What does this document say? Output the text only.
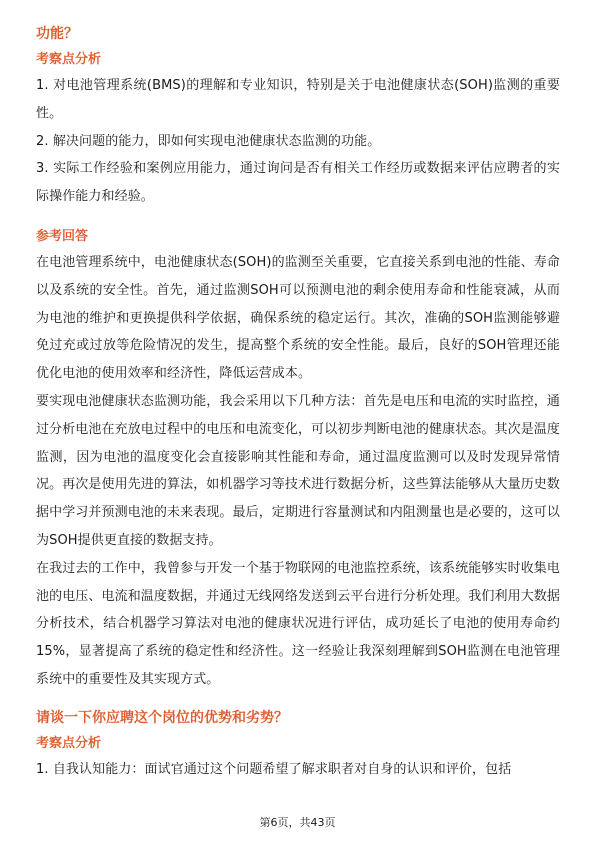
功能？

考察点分析

1. 对电池管理系统(BMS)的理解和专业知识，特别是关于电池健康状态(SOH)监测的重要性。

2. 解决问题的能力，即如何实现电池健康状态监测的功能。

3. 实际工作经验和案例应用能力，通过询问是否有相关工作经历或数据来评估应聘者的实际操作能力和经验。

参考回答

在电池管理系统中，电池健康状态(SOH)的监测至关重要，它直接关系到电池的性能、寿命以及系统的安全性。首先，通过监测SOH可以预测电池的剩余使用寿命和性能衰减，从而为电池的维护和更换提供科学依据，确保系统的稳定运行。其次，准确的SOH监测能够避免过充或过放等危险情况的发生，提高整个系统的安全性能。最后，良好的SOH管理还能优化电池的使用效率和经济性，降低运营成本。

要实现电池健康状态监测功能，我会采用以下几种方法：首先是电压和电流的实时监控，通过分析电池在充放电过程中的电压和电流变化，可以初步判断电池的健康状态。其次是温度监测，因为电池的温度变化会直接影响其性能和寿命，通过温度监测可以及时发现异常情况。再次是使用先进的算法，如机器学习等技术进行数据分析，这些算法能够从大量历史数据中学习并预测电池的未来表现。最后，定期进行容量测试和内阻测量也是必要的，这可以为SOH提供更直接的数据支持。

在我过去的工作中，我曾参与开发一个基于物联网的电池监控系统，该系统能够实时收集电池的电压、电流和温度数据，并通过无线网络发送到云平台进行分析处理。我们利用大数据分析技术，结合机器学习算法对电池的健康状况进行评估，成功延长了电池的使用寿命约15%，显著提高了系统的稳定性和经济性。这一经验让我深刻理解到SOH监测在电池管理系统中的重要性及其实现方式。

请谈一下你应聘这个岗位的优势和劣势？

考察点分析

1. 自我认知能力：面试官通过这个问题希望了解求职者对自身的认识和评价，包括

第6页，共43页
